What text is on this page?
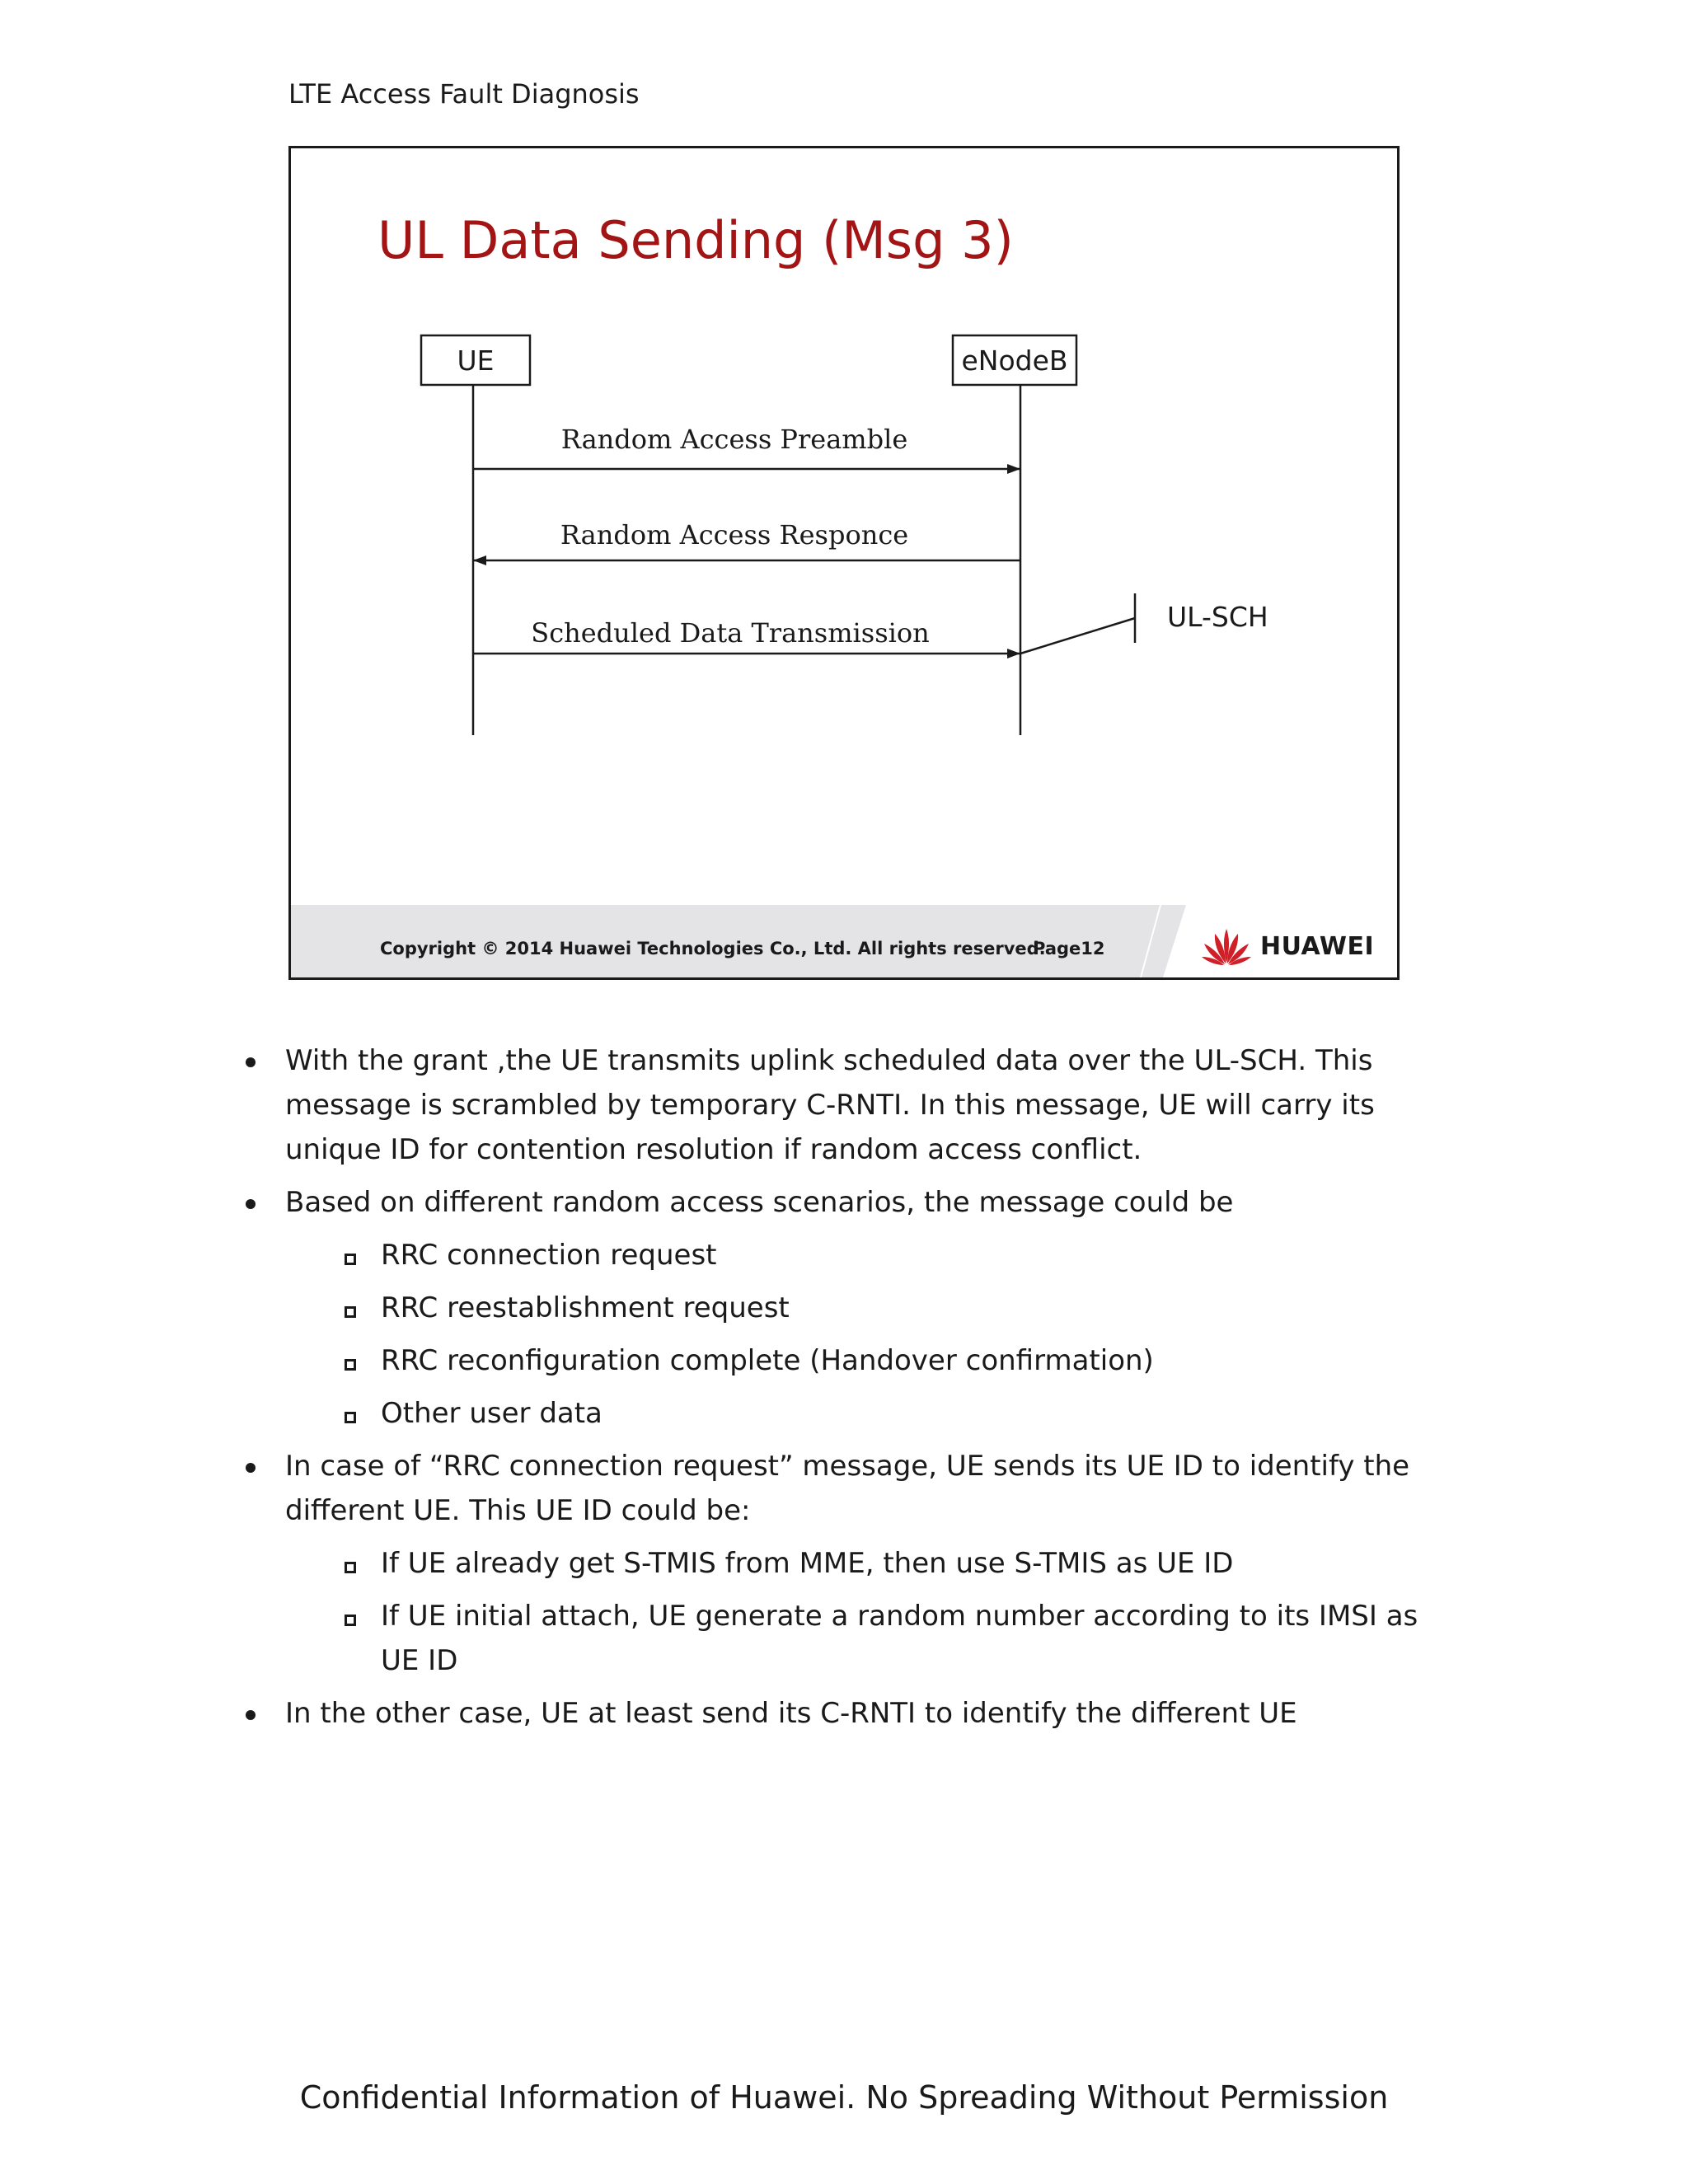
LTE Access Fault Diagnosis
UL Data Sending (Msg 3)
UE	eNodeB
Random Access Preamble
Random Access Responce
Scheduled Data Transmission	UL-SCH
Copyright © 2014 Huawei Technologies Co., Ltd. All rights reserved.
Page12	HUAWEI
With the grant ,the UE transmits uplink scheduled data over the UL-SCH. This message is scrambled by temporary C-RNTI. In this message, UE will carry its unique ID for contention resolution if random access conflict.
Based on different random access scenarios, the message could be
RRC connection request
RRC reestablishment request
RRC reconfiguration complete (Handover confirmation)
Other user data
In case of “RRC connection request” message, UE sends its UE ID to identify the different UE. This UE ID could be:
If UE already get S-TMIS from MME, then use S-TMIS as UE ID
If UE initial attach, UE generate a random number according to its IMSI as UE ID
In the other case, UE at least send its C-RNTI to identify the different UE
Confidential Information of Huawei. No Spreading Without Permission
